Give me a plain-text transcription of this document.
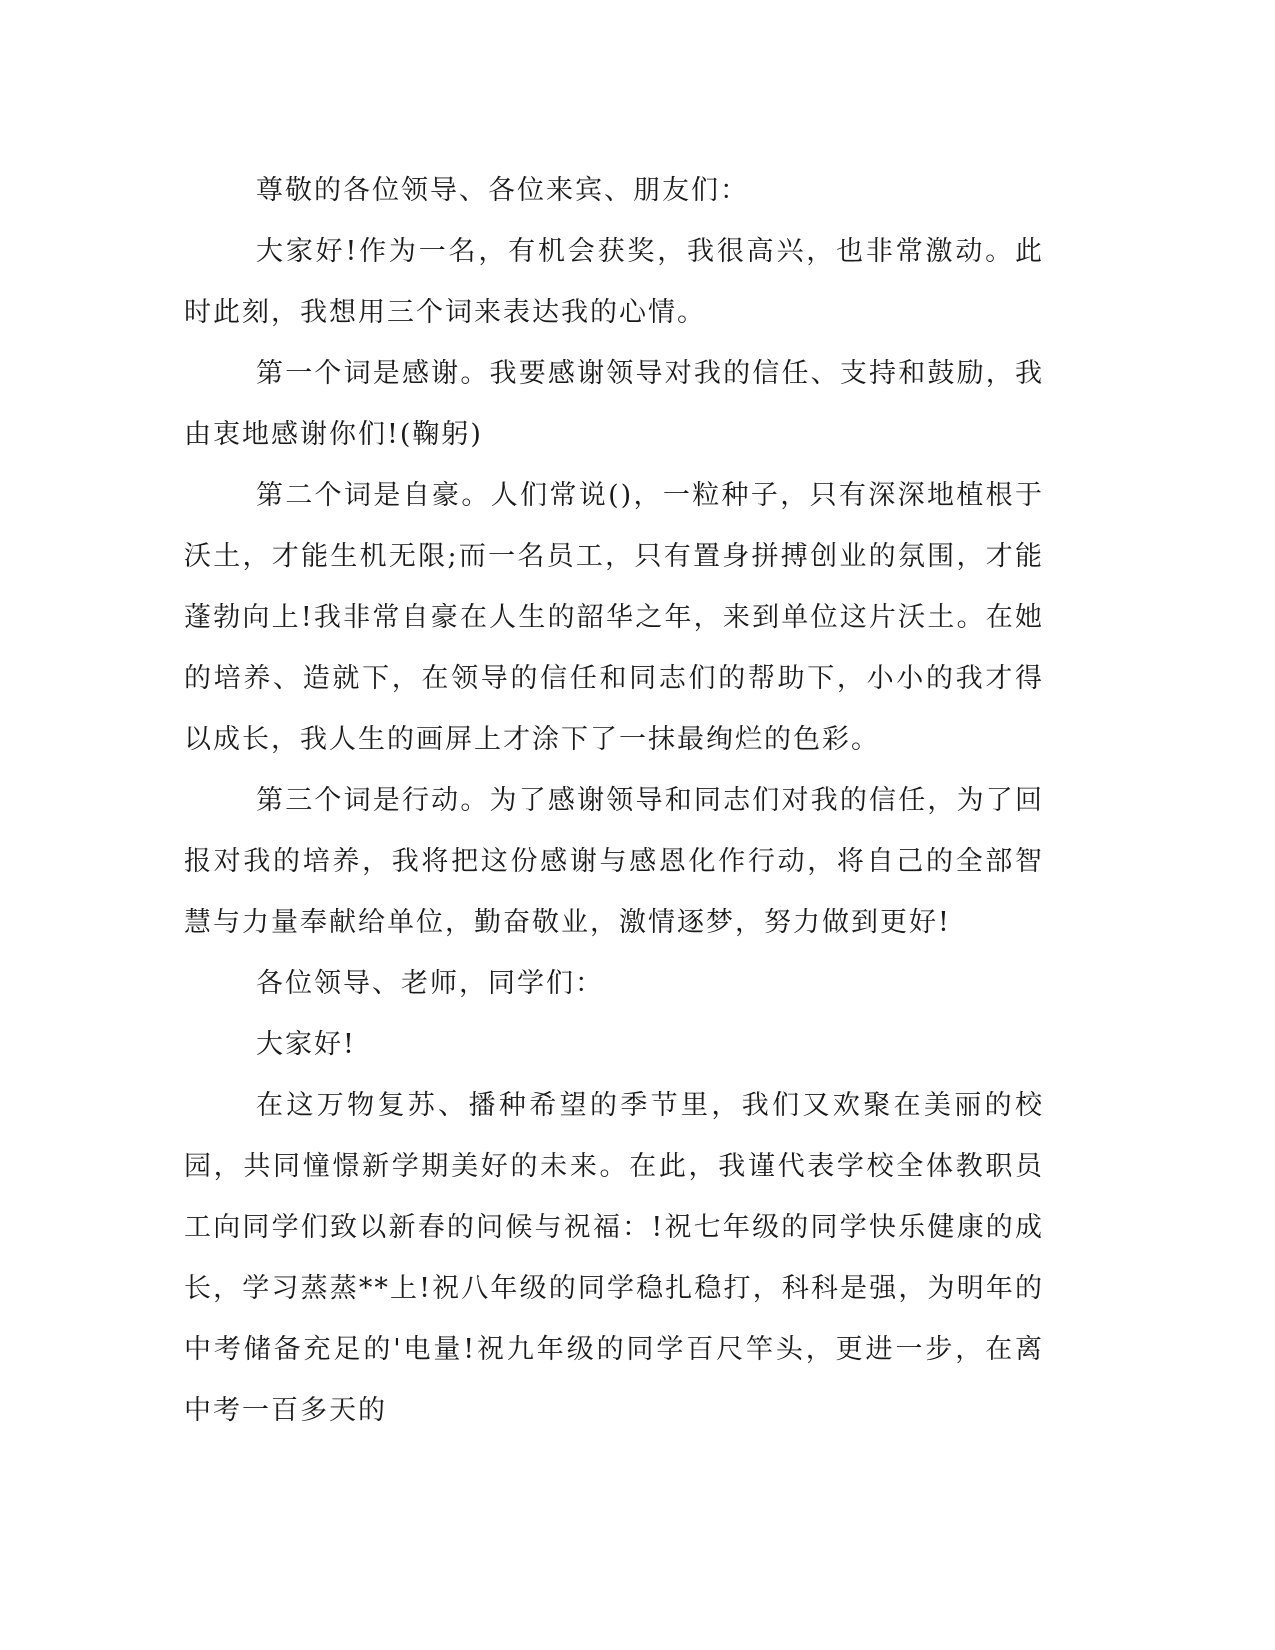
尊敬的各位领导、各位来宾、朋友们：

大家好!作为一名，有机会获奖，我很高兴，也非常激动。此时此刻，我想用三个词来表达我的心情。

第一个词是感谢。我要感谢领导对我的信任、支持和鼓励，我由衷地感谢你们!(鞠躬)

第二个词是自豪。人们常说()，一粒种子，只有深深地植根于沃土，才能生机无限;而一名员工，只有置身拼搏创业的氛围，才能蓬勃向上!我非常自豪在人生的韶华之年，来到单位这片沃土。在她的培养、造就下，在领导的信任和同志们的帮助下，小小的我才得以成长，我人生的画屏上才涂下了一抹最绚烂的色彩。

第三个词是行动。为了感谢领导和同志们对我的信任，为了回报对我的培养，我将把这份感谢与感恩化作行动，将自己的全部智慧与力量奉献给单位，勤奋敬业，激情逐梦，努力做到更好!

各位领导、老师，同学们：

大家好!

在这万物复苏、播种希望的季节里，我们又欢聚在美丽的校园，共同憧憬新学期美好的未来。在此，我谨代表学校全体教职员工向同学们致以新春的问候与祝福：!祝七年级的同学快乐健康的成长，学习蒸蒸**上!祝八年级的同学稳扎稳打，科科是强，为明年的中考储备充足的'电量!祝九年级的同学百尺竿头，更进一步，在离中考一百多天的
